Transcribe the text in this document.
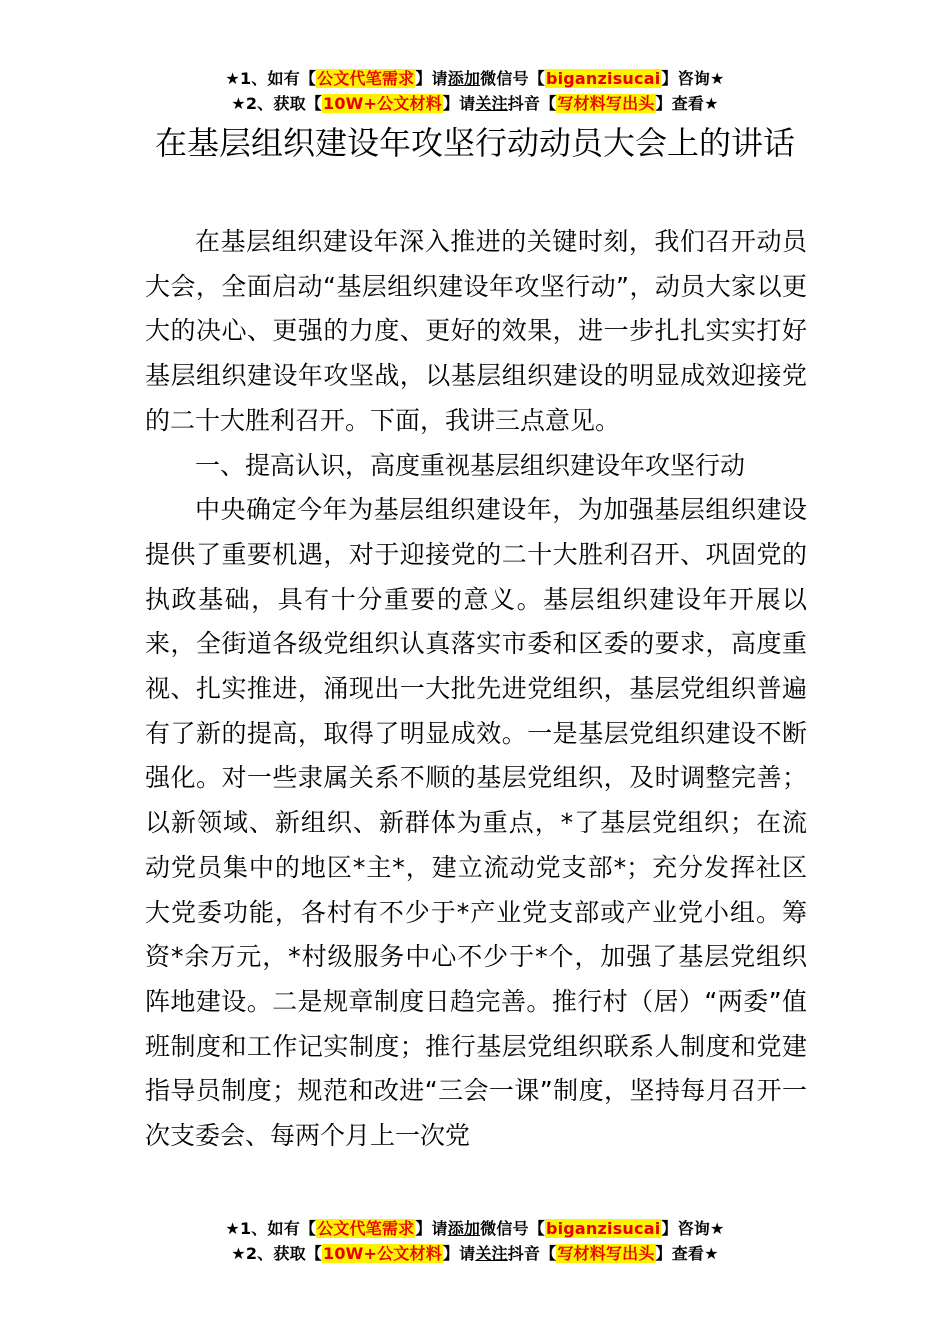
★1、如有【公文代笔需求】请添加微信号【biganzisucai】咨询★
★2、获取【10W+公文材料】请关注抖音【写材料写出头】查看★
在基层组织建设年攻坚行动动员大会上的讲话

在基层组织建设年深入推进的关键时刻，我们召开动员大会，全面启动“基层组织建设年攻坚行动”，动员大家以更大的决心、更强的力度、更好的效果，进一步扎扎实实打好基层组织建设年攻坚战，以基层组织建设的明显成效迎接党的二十大胜利召开。下面，我讲三点意见。

一、提高认识，高度重视基层组织建设年攻坚行动

中央确定今年为基层组织建设年，为加强基层组织建设提供了重要机遇，对于迎接党的二十大胜利召开、巩固党的执政基础，具有十分重要的意义。基层组织建设年开展以来，全街道各级党组织认真落实市委和区委的要求，高度重视、扎实推进，涌现出一大批先进党组织，基层党组织普遍有了新的提高，取得了明显成效。一是基层党组织建设不断强化。对一些隶属关系不顺的基层党组织，及时调整完善；以新领域、新组织、新群体为重点，*了基层党组织；在流动党员集中的地区*主*，建立流动党支部*；充分发挥社区大党委功能，各村有不少于*产业党支部或产业党小组。筹资*余万元，*村级服务中心不少于*个，加强了基层党组织阵地建设。二是规章制度日趋完善。推行村（居）“两委”值班制度和工作记实制度；推行基层党组织联系人制度和党建指导员制度；规范和改进“三会一课”制度，坚持每月召开一次支委会、每两个月上一次党

★1、如有【公文代笔需求】请添加微信号【biganzisucai】咨询★
★2、获取【10W+公文材料】请关注抖音【写材料写出头】查看★
